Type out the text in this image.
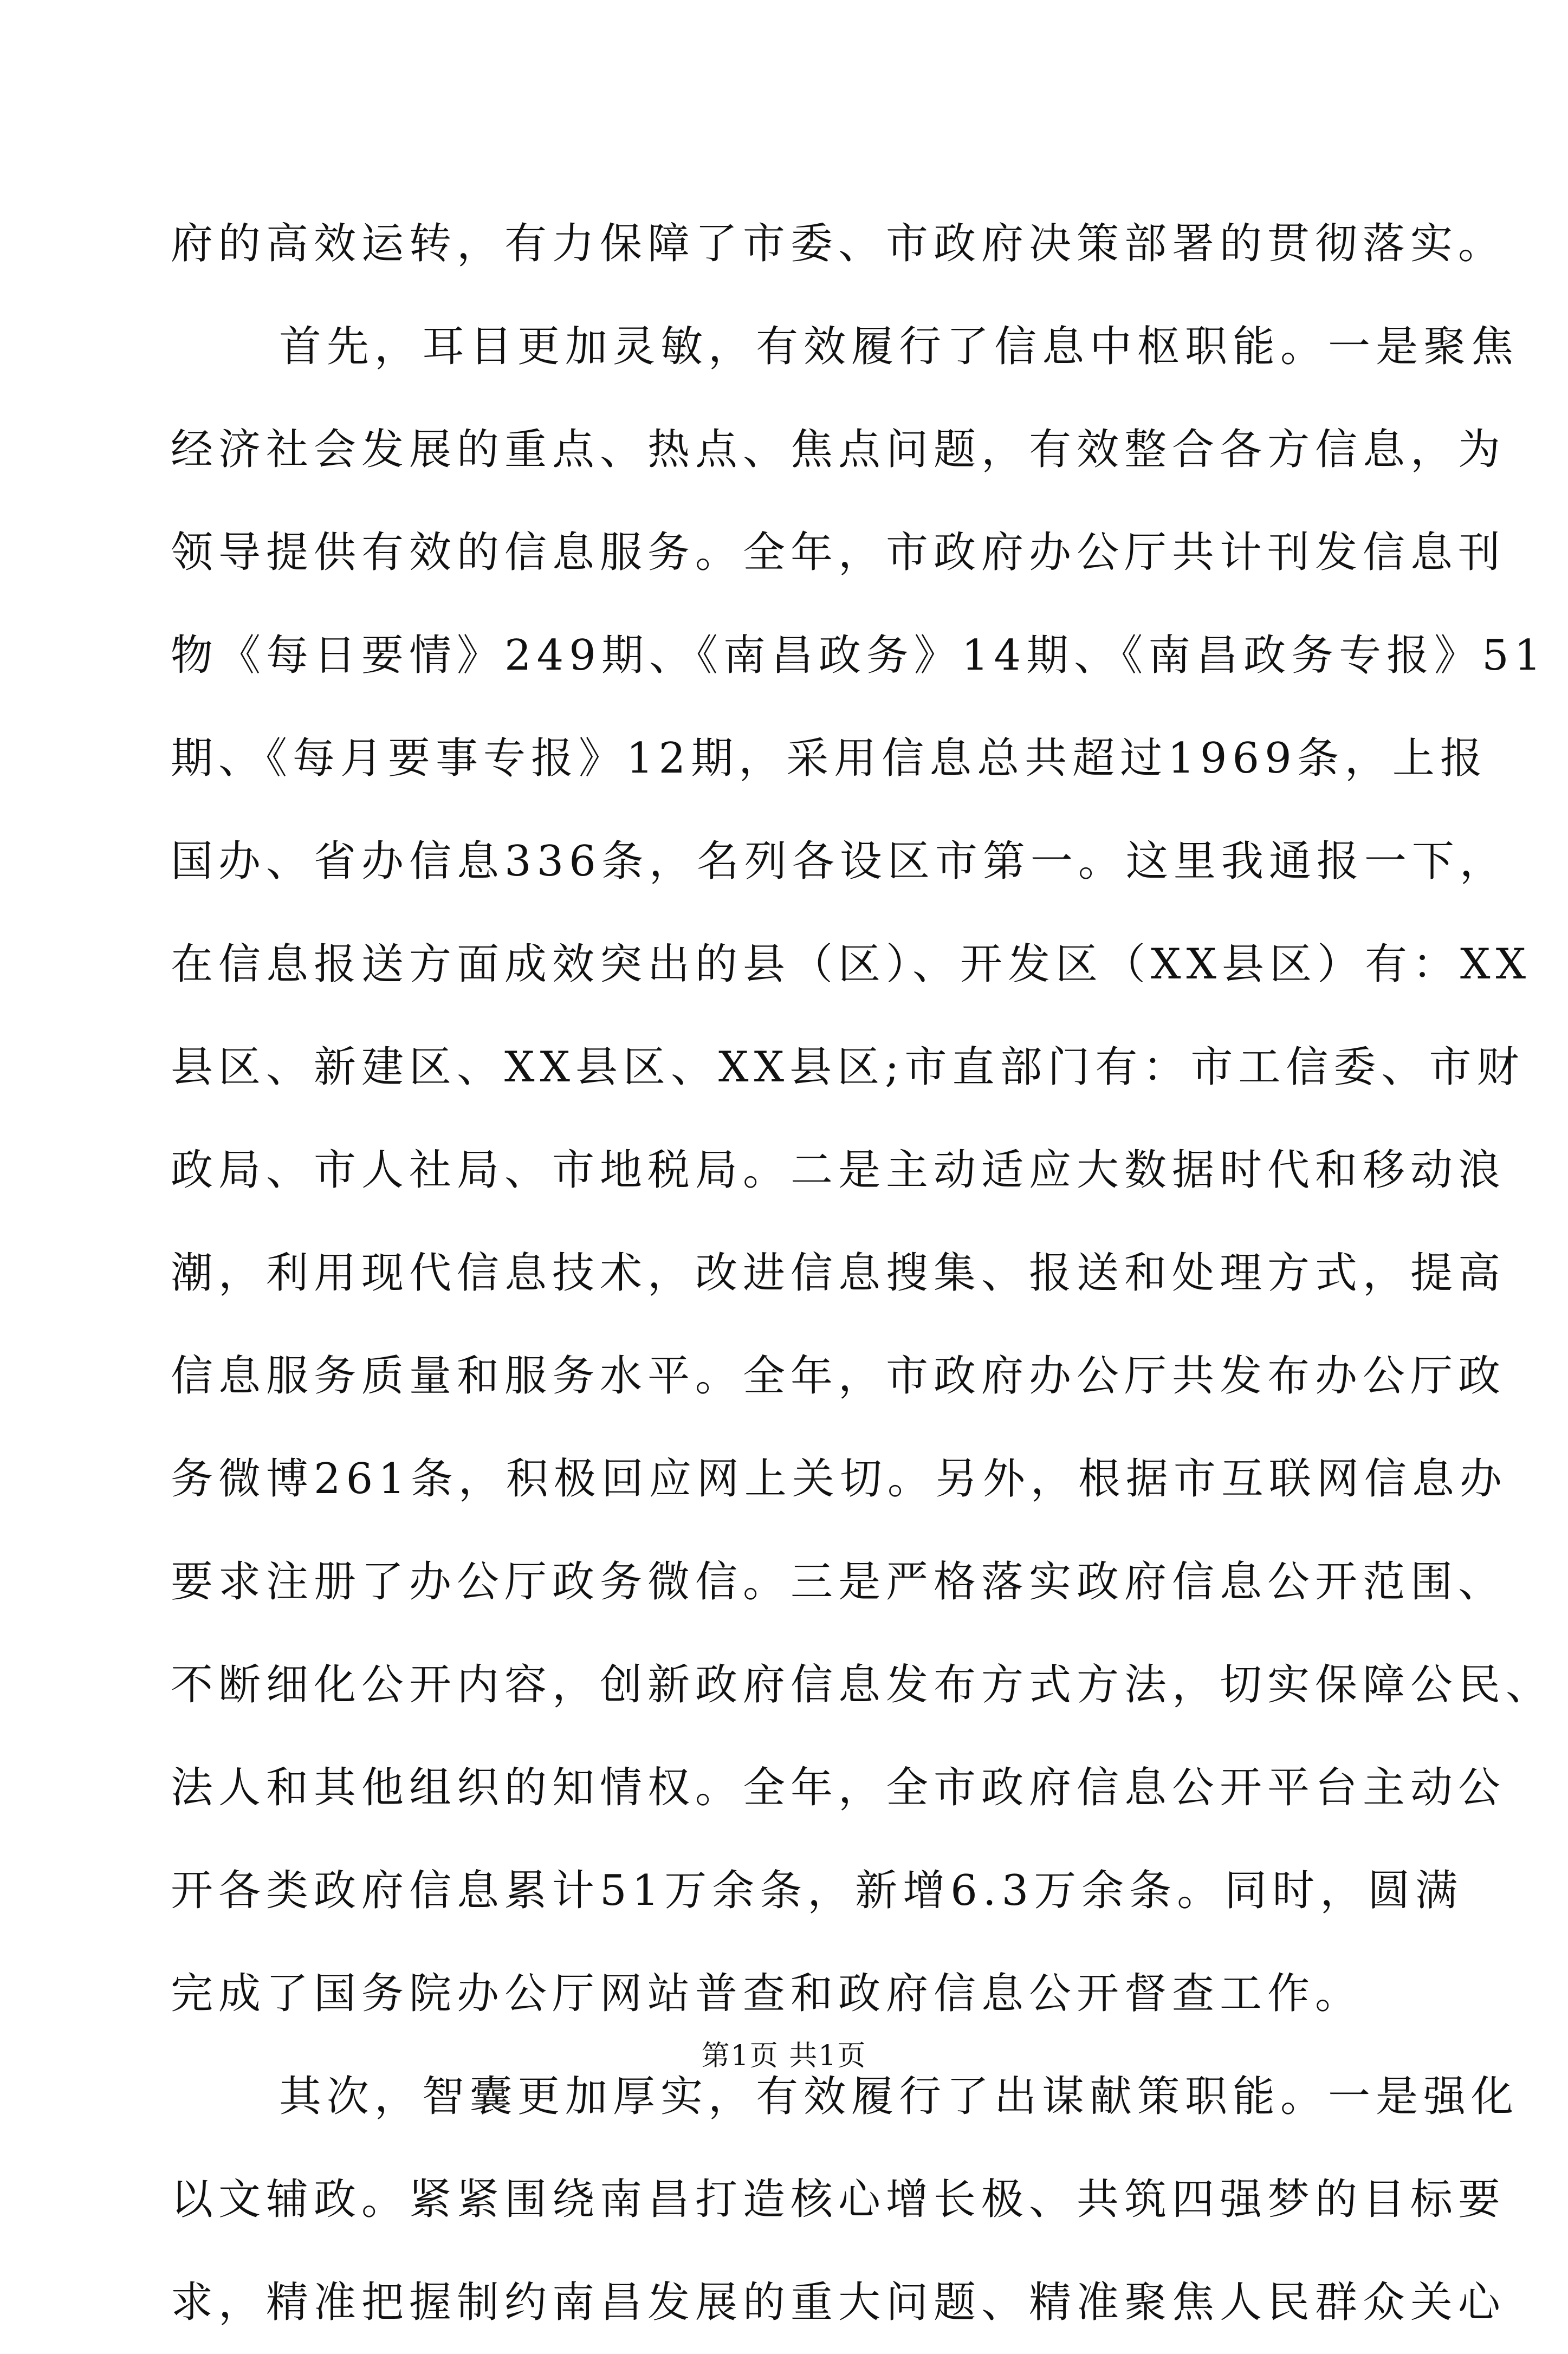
府的高效运转，有力保障了市委、市政府决策部署的贯彻落实。
首先，耳目更加灵敏，有效履行了信息中枢职能。一是聚焦
经济社会发展的重点、热点、焦点问题，有效整合各方信息，为
领导提供有效的信息服务。全年，市政府办公厅共计刊发信息刊
物《每日要情》249期、《南昌政务》14期、《南昌政务专报》51
期、《每月要事专报》12期，采用信息总共超过1969条，上报
国办、省办信息336条，名列各设区市第一。这里我通报一下，
在信息报送方面成效突出的县（区）、开发区（XX县区）有：XX
县区、新建区、XX县区、XX县区;市直部门有：市工信委、市财
政局、市人社局、市地税局。二是主动适应大数据时代和移动浪
潮，利用现代信息技术，改进信息搜集、报送和处理方式，提高
信息服务质量和服务水平。全年，市政府办公厅共发布办公厅政
务微博261条，积极回应网上关切。另外，根据市互联网信息办
要求注册了办公厅政务微信。三是严格落实政府信息公开范围、
不断细化公开内容，创新政府信息发布方式方法，切实保障公民、
法人和其他组织的知情权。全年，全市政府信息公开平台主动公
开各类政府信息累计51万余条，新增6.3万余条。同时，圆满
完成了国务院办公厅网站普查和政府信息公开督查工作。
其次，智囊更加厚实，有效履行了出谋献策职能。一是强化
以文辅政。紧紧围绕南昌打造核心增长极、共筑四强梦的目标要
求，精准把握制约南昌发展的重大问题、精准聚焦人民群众关心
第1页 共1页
